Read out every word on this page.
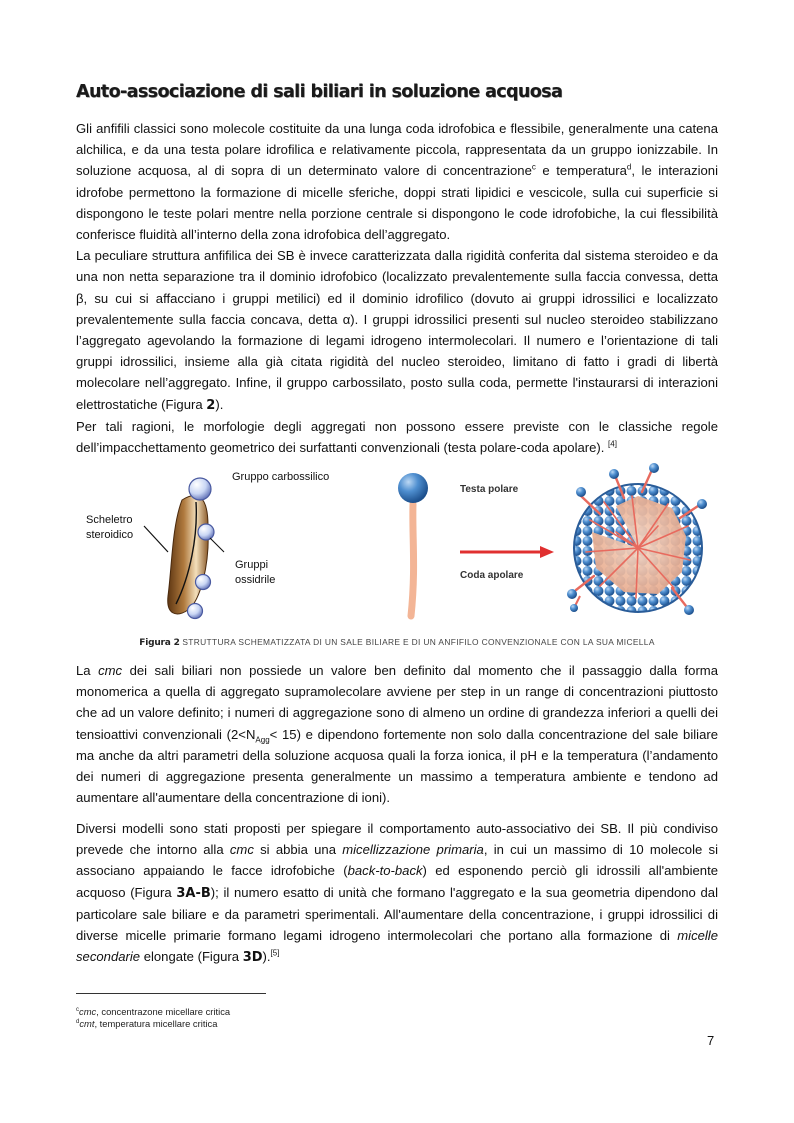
Auto-associazione di sali biliari in soluzione acquosa

Gli anfifili classici sono molecole costituite da una lunga coda idrofobica e flessibile, generalmente una catena alchilica, e da una testa polare idrofilica e relativamente piccola, rappresentata da un gruppo ionizzabile. In soluzione acquosa, al di sopra di un determinato valore di concentrazione$^c$ e temperatura$^d$, le interazioni idrofobe permettono la formazione di micelle sferiche, doppi strati lipidici e vescicole, sulla cui superficie si dispongono le teste polari mentre nella porzione centrale si dispongono le code idrofobiche, la cui flessibilità conferisce fluidità all’interno della zona idrofobica dell’aggregato.

La peculiare struttura anfifilica dei SB è invece caratterizzata dalla rigidità conferita dal sistema steroideo e da una non netta separazione tra il dominio idrofobico (localizzato prevalentemente sulla faccia convessa, detta β, su cui si affacciano i gruppi metilici) ed il dominio idrofilico (dovuto ai gruppi idrossilici e localizzato prevalentemente sulla faccia concava, detta α). I gruppi idrossilici presenti sul nucleo steroideo stabilizzano l’aggregato agevolando la formazione di legami idrogeno intermolecolari. Il numero e l’orientazione di tali gruppi idrossilici, insieme alla già citata rigidità del nucleo steroideo, limitano di fatto i gradi di libertà molecolare nell’aggregato. Infine, il gruppo carbossilato, posto sulla coda, permette l'instaurarsi di interazioni elettrostatiche (Figura 2).

Per tali ragioni, le morfologie degli aggregati non possono essere previste con le classiche regole dell’impacchettamento geometrico dei surfattanti convenzionali (testa polare-coda apolare). [4]

Gruppo carbossilico
Scheletro
steroidico
Gruppi
ossidrile
Testa polare
Coda apolare
Figura 2 STRUTTURA SCHEMATIZZATA DI UN SALE BILIARE E DI UN ANFIFILO CONVENZIONALE CON LA SUA MICELLA

La cmc dei sali biliari non possiede un valore ben definito dal momento che il passaggio dalla forma monomerica a quella di aggregato supramolecolare avviene per step in un range di concentrazioni piuttosto che ad un valore definito; i numeri di aggregazione sono di almeno un ordine di grandezza inferiori a quelli dei tensioattivi convenzionali $(2<N_{Agg}< 15)$ e dipendono fortemente non solo dalla concentrazione del sale biliare ma anche da altri parametri della soluzione acquosa quali la forza ionica, il pH e la temperatura (l’andamento dei numeri di aggregazione presenta generalmente un massimo a temperatura ambiente e tendono ad aumentare all'aumentare della concentrazione di ioni).

Diversi modelli sono stati proposti per spiegare il comportamento auto-associativo dei SB. Il più condiviso prevede che intorno alla cmc si abbia una micellizzazione primaria, in cui un massimo di 10 molecole si associano appaiando le facce idrofobiche (back-to-back) ed esponendo perciò gli idrossili all'ambiente acquoso (Figura 3A-B); il numero esatto di unità che formano l'aggregato e la sua geometria dipendono dal particolare sale biliare e da parametri sperimentali. All'aumentare della concentrazione, i gruppi idrossilici di diverse micelle primarie formano legami idrogeno intermolecolari che portano alla formazione di micelle secondarie elongate (Figura 3D).[5]

$^c$cmc, concentrazone micellare critica
$^d$cmt, temperatura micellare critica
7
